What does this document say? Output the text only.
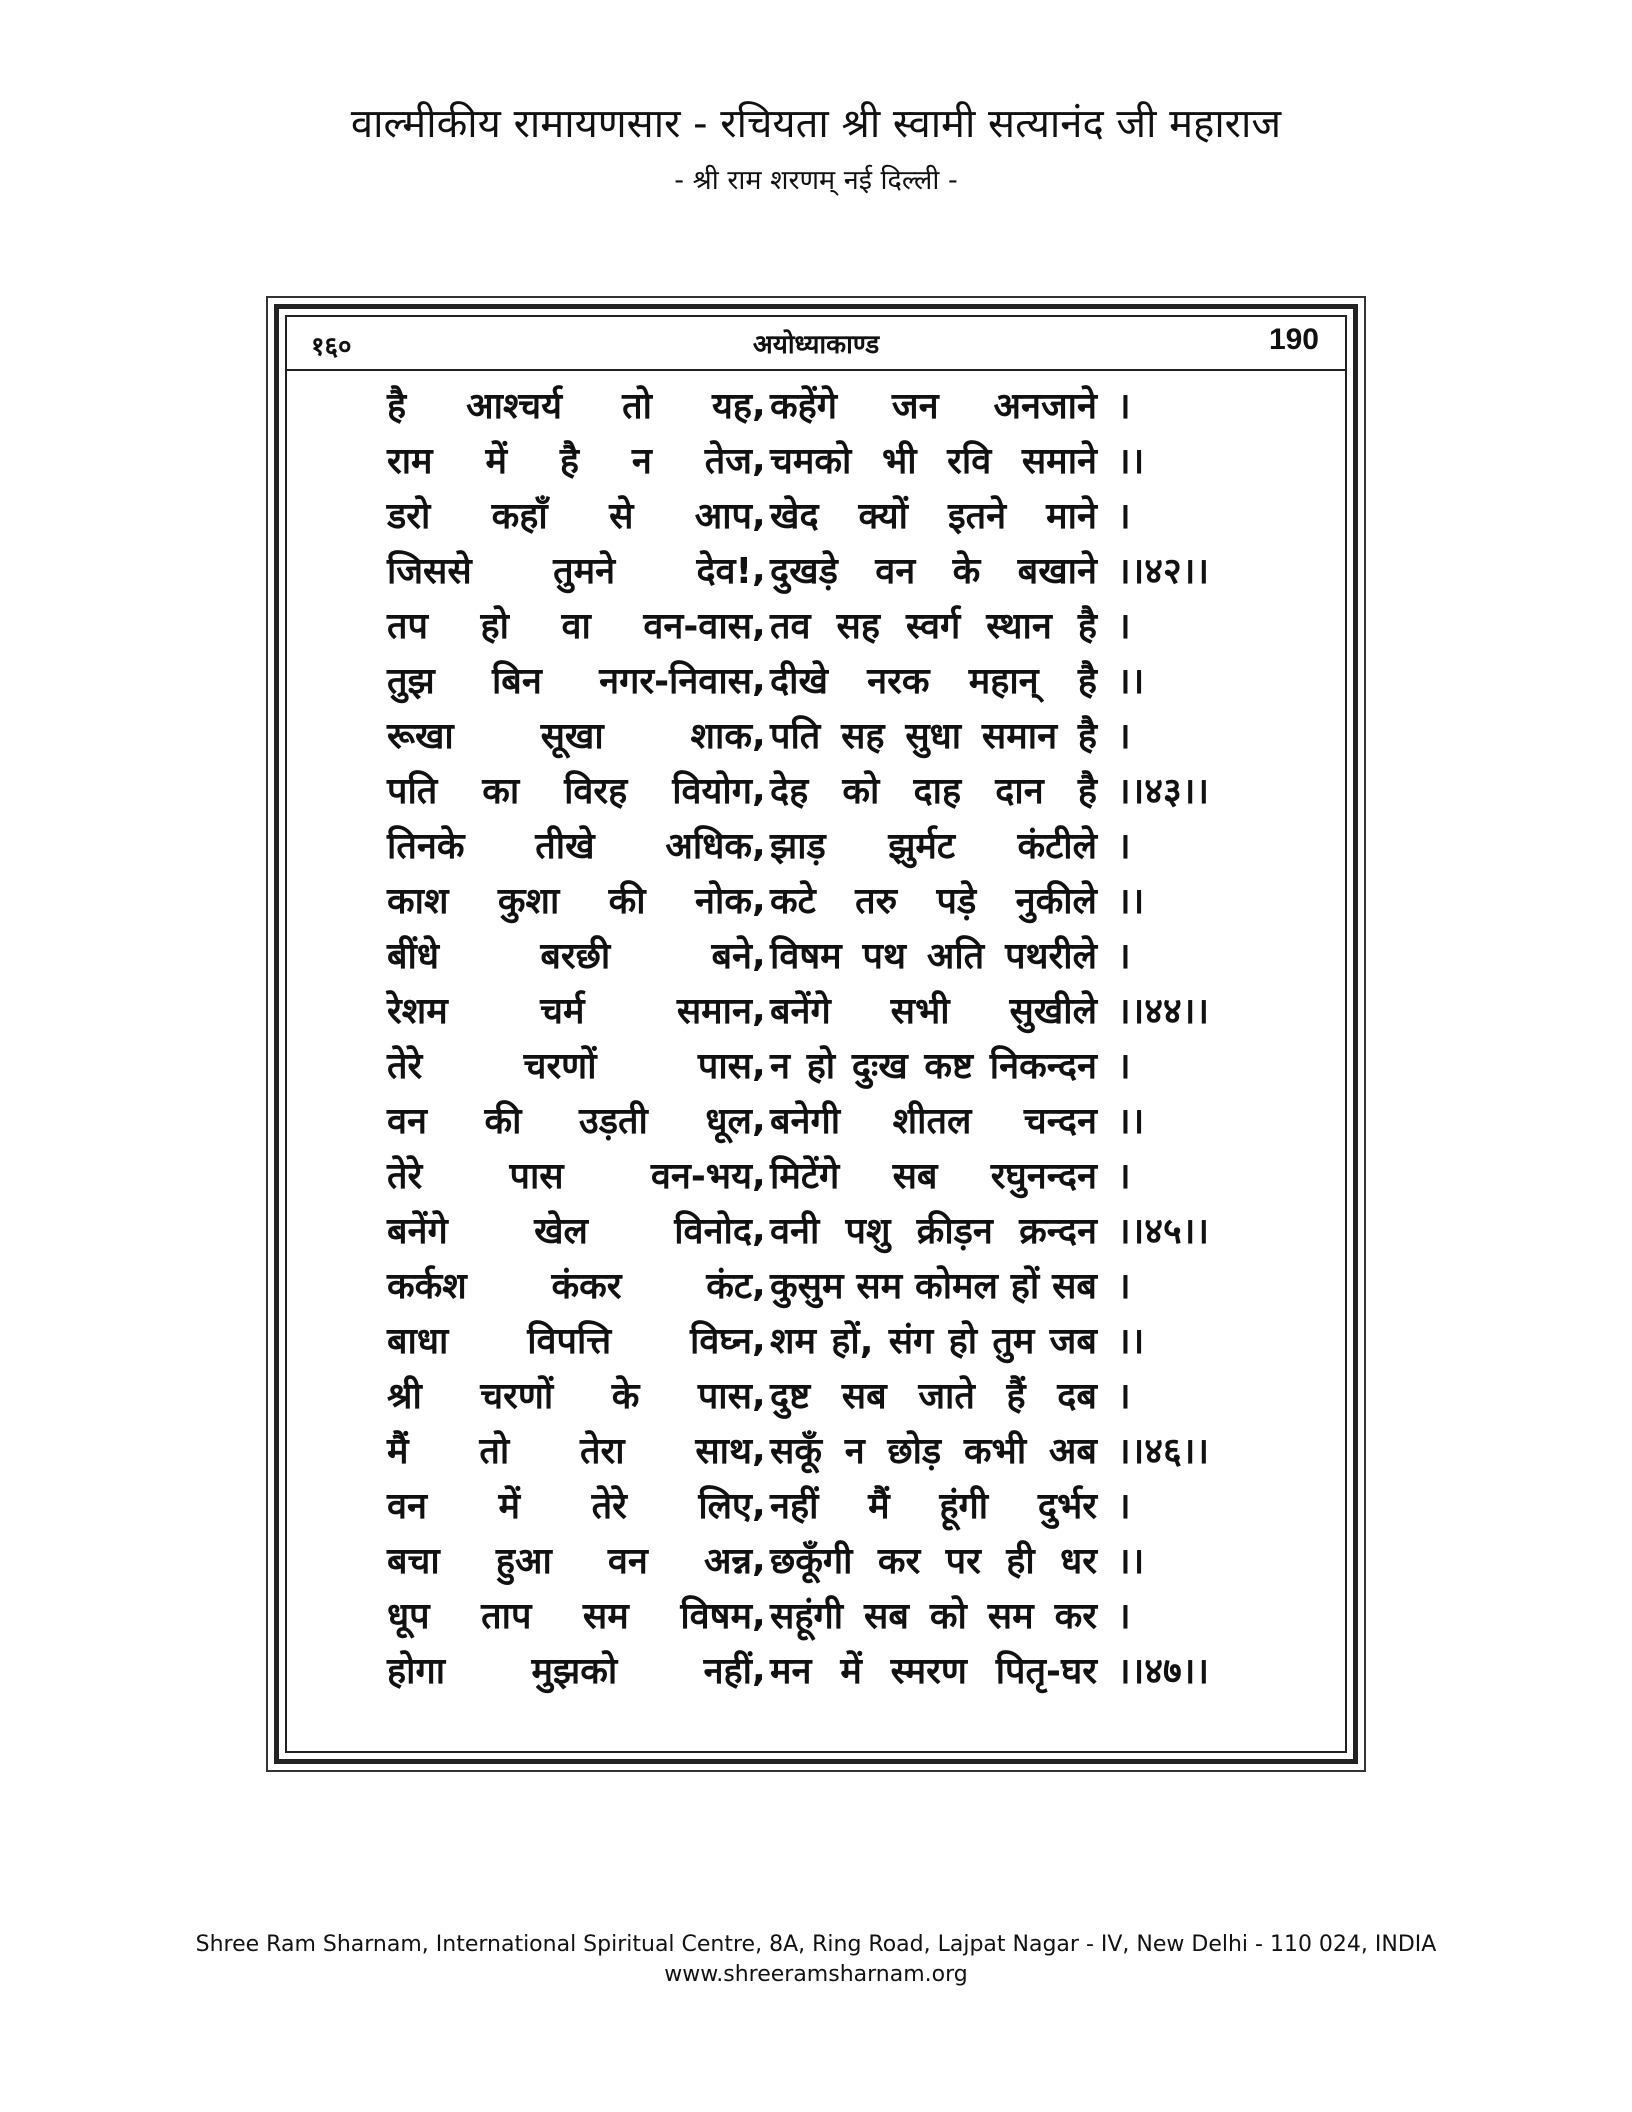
वाल्मीकीय रामायणसार - रचियता श्री स्वामी सत्यानंद जी महाराज
- श्री राम शरणम् नई दिल्ली -
१६०	अयोध्याकाण्ड	190
है आश्चर्य तो यह , कहेंगे जन अनजाने ।
राम में है न तेज , चमको भी रवि समाने ।।
डरो कहाँ से आप , खेद क्यों इतने माने ।
जिससे तुमने देव! , दुखड़े वन के बखाने ।।४२।।
तप हो वा वन-वास , तव सह स्वर्ग स्थान है ।
तुझ बिन नगर-निवास , दीखे नरक महान् है ।।
रूखा सूखा शाक , पति सह सुधा समान है ।
पति का विरह वियोग , देह को दाह दान है ।।४३।।
तिनके तीखे अधिक , झाड़ झुर्मट कंटीले ।
काश कुशा की नोक , कटे तरु पड़े नुकीले ।।
बींधे	बरछी	बने , विषम पथ अति पथरीले ।
रेशम	चर्म	समान , बनेंगे सभी सुखीले ।।४४।।
तेरे	चरणों	पास , न हो दुःख कष्ट निकन्दन ।
वन की उड़ती धूल , बनेगी शीतल चन्दन ।।
तेरे पास वन-भय , मिटेंगे सब रघुनन्दन ।
बनेंगे खेल विनोद , वनी पशु क्रीड़न क्रन्दन ।।४५।।
कर्कश कंकर कंट , कुसुम सम कोमल हों सब ।
बाधा विपत्ति विघ्न , शम हों, संग हो तुम जब ।।
श्री चरणों के पास , दुष्ट सब जाते हैं दब ।
मैं तो तेरा साथ , सकूँ न छोड़ कभी अब ।।४६।।
वन में तेरे लिए , नहीं मैं हूंगी दुर्भर ।
बचा हुआ वन अन्न , छकूँगी कर पर ही धर ।।
धूप ताप सम विषम , सहूंगी सब को सम कर ।
होगा मुझको नहीं , मन में स्मरण पितृ-घर ।।४७।।
Shree Ram Sharnam, International Spiritual Centre, 8A, Ring Road, Lajpat Nagar - IV, New Delhi - 110 024, INDIA
www.shreeramsharnam.org
